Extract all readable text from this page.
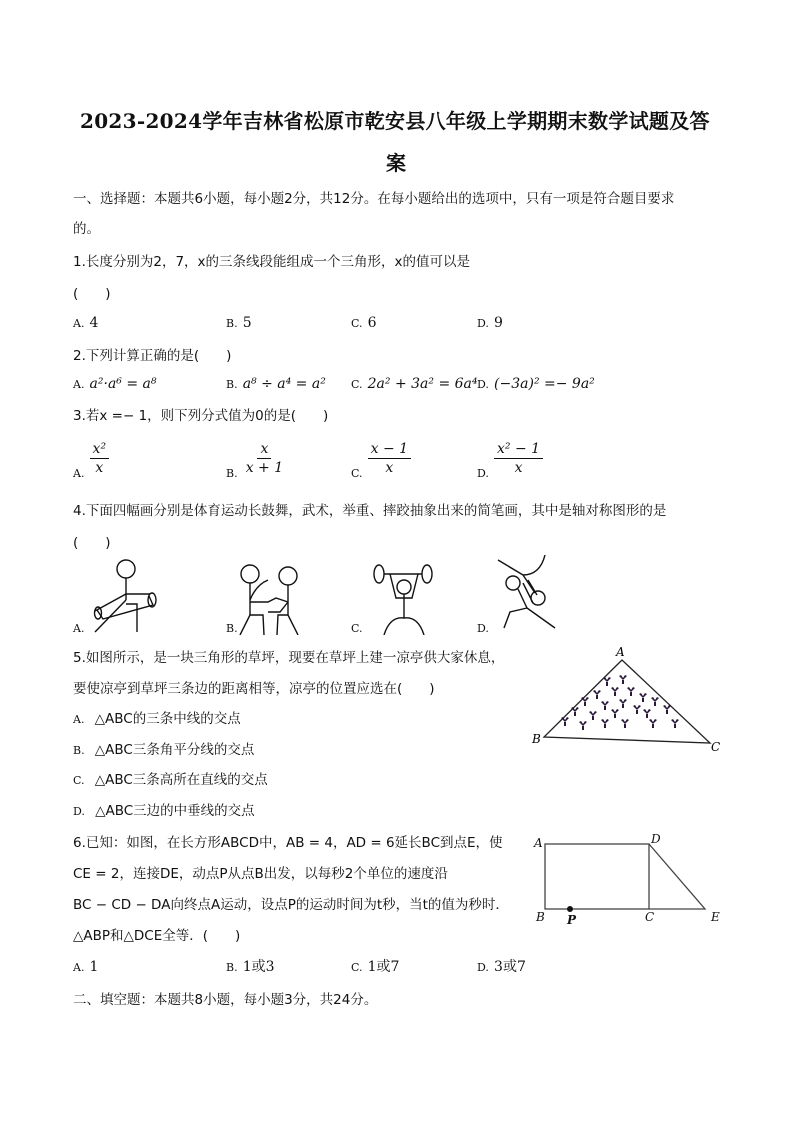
2023-2024学年吉林省松原市乾安县八年级上学期期末数学试题及答
案
一、选择题：本题共6小题，每小题2分，共12分。在每小题给出的选项中，只有一项是符合题目要求
的。
1.长度分别为2，7，x的三条线段能组成一个三角形，x的值可以是
(　　)
A. 4	B. 5	C. 6	D. 9
2.下列计算正确的是(　　)
A. a²·a⁶ = a⁸	B. a⁸ ÷ a⁴ = a² C. 2a² + 3a² = 6a⁴ D. (−3a)² =− 9a²
3.若x =− 1，则下列分式值为0的是(　　)
$_{A.} \frac{\text{x²}}{x}$	$_{B.} \frac{x}{x + 1}$	$_{C.} \frac{x - 1}{x}$	$_{D.} \frac{\text{x² − 1}}{x}$
4.下面四幅画分别是体育运动长鼓舞，武术，举重、摔跤抽象出来的简笔画，其中是轴对称图形的是
(　　)
A.	B.	C.	D.
5.如图所示，是一块三角形的草坪，现要在草坪上建一凉亭供大家休息，
要使凉亭到草坪三条边的距离相等，凉亭的位置应选在(　　)
A. △ABC的三条中线的交点
B. △ABC三条角平分线的交点
C. △ABC三条高所在直线的交点
D. △ABC三边的中垂线的交点
A
B
C
6.已知：如图，在长方形ABCD中，AB = 4，AD = 6延长BC到点E，使
CE = 2，连接DE，动点P从点B出发，以每秒2个单位的速度沿
BC − CD − DA向终点A运动，设点P的运动时间为t秒，当t的值为秒时．
△ABP和△DCE全等．(　　)
A
B	C
D
E
P
A. 1	B. 1或3	C. 1或7	D. 3或7
二、填空题：本题共8小题，每小题3分，共24分。
